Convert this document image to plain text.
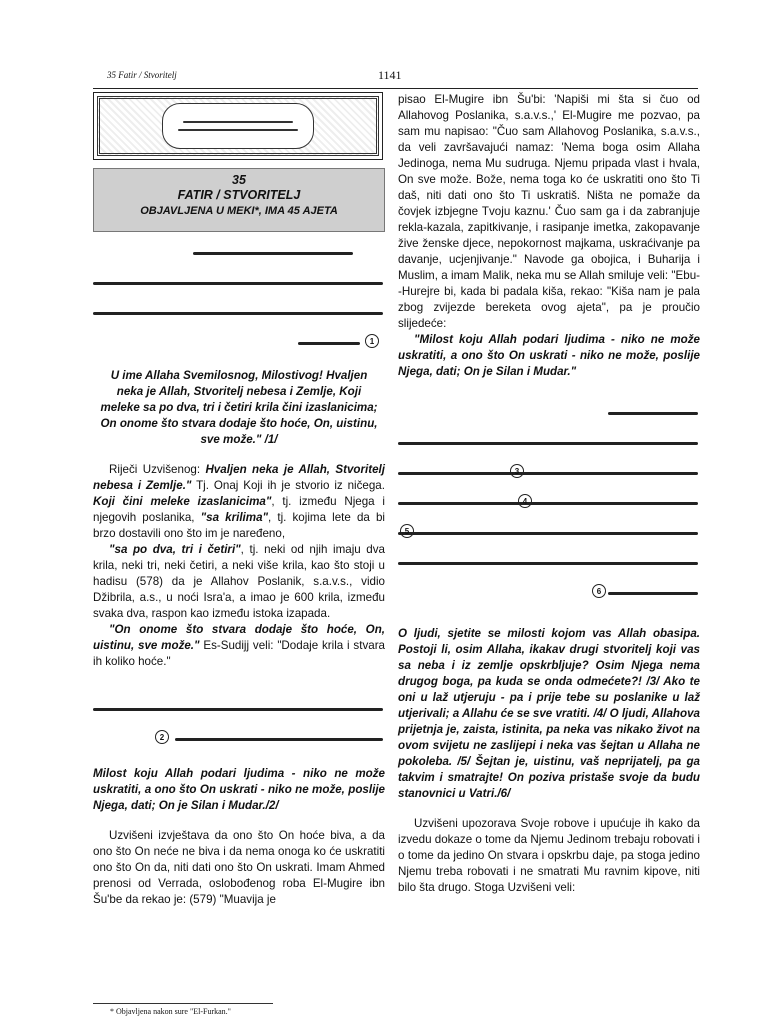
35 Fatir / Stvoritelj	1141
35
FATIR / STVORITELJ
OBJAVLJENA U MEKI*, IMA 45 AJETA
1

U ime Allaha Svemilosnog, Milostivog! Hvaljen neka je Allah, Stvoritelj nebesa i Zemlje, Koji meleke sa po dva, tri i četiri krila čini izaslanicima; On onome što stvara dodaje što hoće, On, uistinu, sve može." /1/

Riječi Uzvišenog: Hvaljen neka je Allah, Stvoritelj nebesa i Zemlje." Tj. Onaj Koji ih je stvorio iz ničega. Koji čini meleke izaslanicima", tj. između Njega i njegovih poslanika, "sa krilima", tj. kojima lete da bi brzo dostavili ono što im je naređeno,

"sa po dva, tri i četiri", tj. neki od njih imaju dva krila, neki tri, neki četiri, a neki više krila, kao što stoji u hadisu (578) da je Allahov Poslanik, s.a.v.s., vidio Džibrila, a.s., u noći Isra'a, a imao je 600 krila, između svaka dva, raspon kao između istoka izapada.

"On onome što stvara dodaje što hoće, On, uistinu, sve može." Es-Sudijj veli: "Dodaje krila i stvara ih koliko hoće."

2

Milost koju Allah podari ljudima - niko ne može uskratiti, a ono što On uskrati - niko ne može, poslije Njega, dati; On je Silan i Mudar./2/

Uzvišeni izvještava da ono što On hoće biva, a da ono što On neće ne biva i da nema onoga ko će uskratiti ono što On da, niti dati ono što On uskrati. Imam Ahmed prenosi od Verrada, oslobođenog roba El-Mugire ibn Šu'be da rekao je: (579) "Muavija je

pisao El-Mugire ibn Šu'bi: 'Napiši mi šta si čuo od Allahovog Poslanika, s.a.v.s.,' El-Mugire me pozvao, pa sam mu napisao: "Čuo sam Allahovog Poslanika, s.a.v.s., da veli završavajući namaz: 'Nema boga osim Allaha Jedinoga, nema Mu sudruga. Njemu pripada vlast i hvala, On sve može. Bože, nema toga ko će uskratiti ono što Ti daš, niti dati ono što Ti uskratiš. Ništa ne pomaže da čovjek izbjegne Tvoju kaznu.' Čuo sam ga i da zabranjuje rekla-kazala, zapitkivanje, i rasipanje imetka, zakopavanje žive ženske djece, nepokornost majkama, uskraćivanje pa davanje, ucjenjivanje." Navode ga obojica, i Buharija i Muslim, a imam Malik, neka mu se Allah smiluje veli: "Ebu--Hurejre bi, kada bi padala kiša, rekao: "Kiša nam je pala zbog zvijezde bereketa ovog ajeta", pa je proučio slijedeće:

"Milost koju Allah podari ljudima - niko ne može uskratiti, a ono što On uskrati - niko ne može, poslije Njega, dati; On je Silan i Mudar."

3
4
5
6

O ljudi, sjetite se milosti kojom vas Allah obasipa. Postoji li, osim Allaha, ikakav drugi stvoritelj koji vas sa neba i iz zemlje opskrbljuje? Osim Njega nema drugog boga, pa kuda se onda odmećete?! /3/ Ako te oni u laž utjeruju - pa i prije tebe su poslanike u laž utjerivali; a Allahu će se sve vratiti. /4/ O ljudi, Allahova prijetnja je, zaista, istinita, pa neka vas nikako život na ovom svijetu ne zaslijepi i neka vas šejtan u Allaha ne pokoleba. /5/ Šejtan je, uistinu, vaš neprijatelj, pa ga takvim i smatrajte! On poziva pristaše svoje da budu stanovnici u Vatri./6/

Uzvišeni upozorava Svoje robove i upućuje ih kako da izvedu dokaze o tome da Njemu Jedinom trebaju robovati i o tome da jedino On stvara i opskrbu daje, pa stoga jedino Njemu treba robovati i ne smatrati Mu ravnim kipove, niti bilo šta drugo. Stoga Uzvišeni veli:

* Objavljena nakon sure "El-Furkan."
